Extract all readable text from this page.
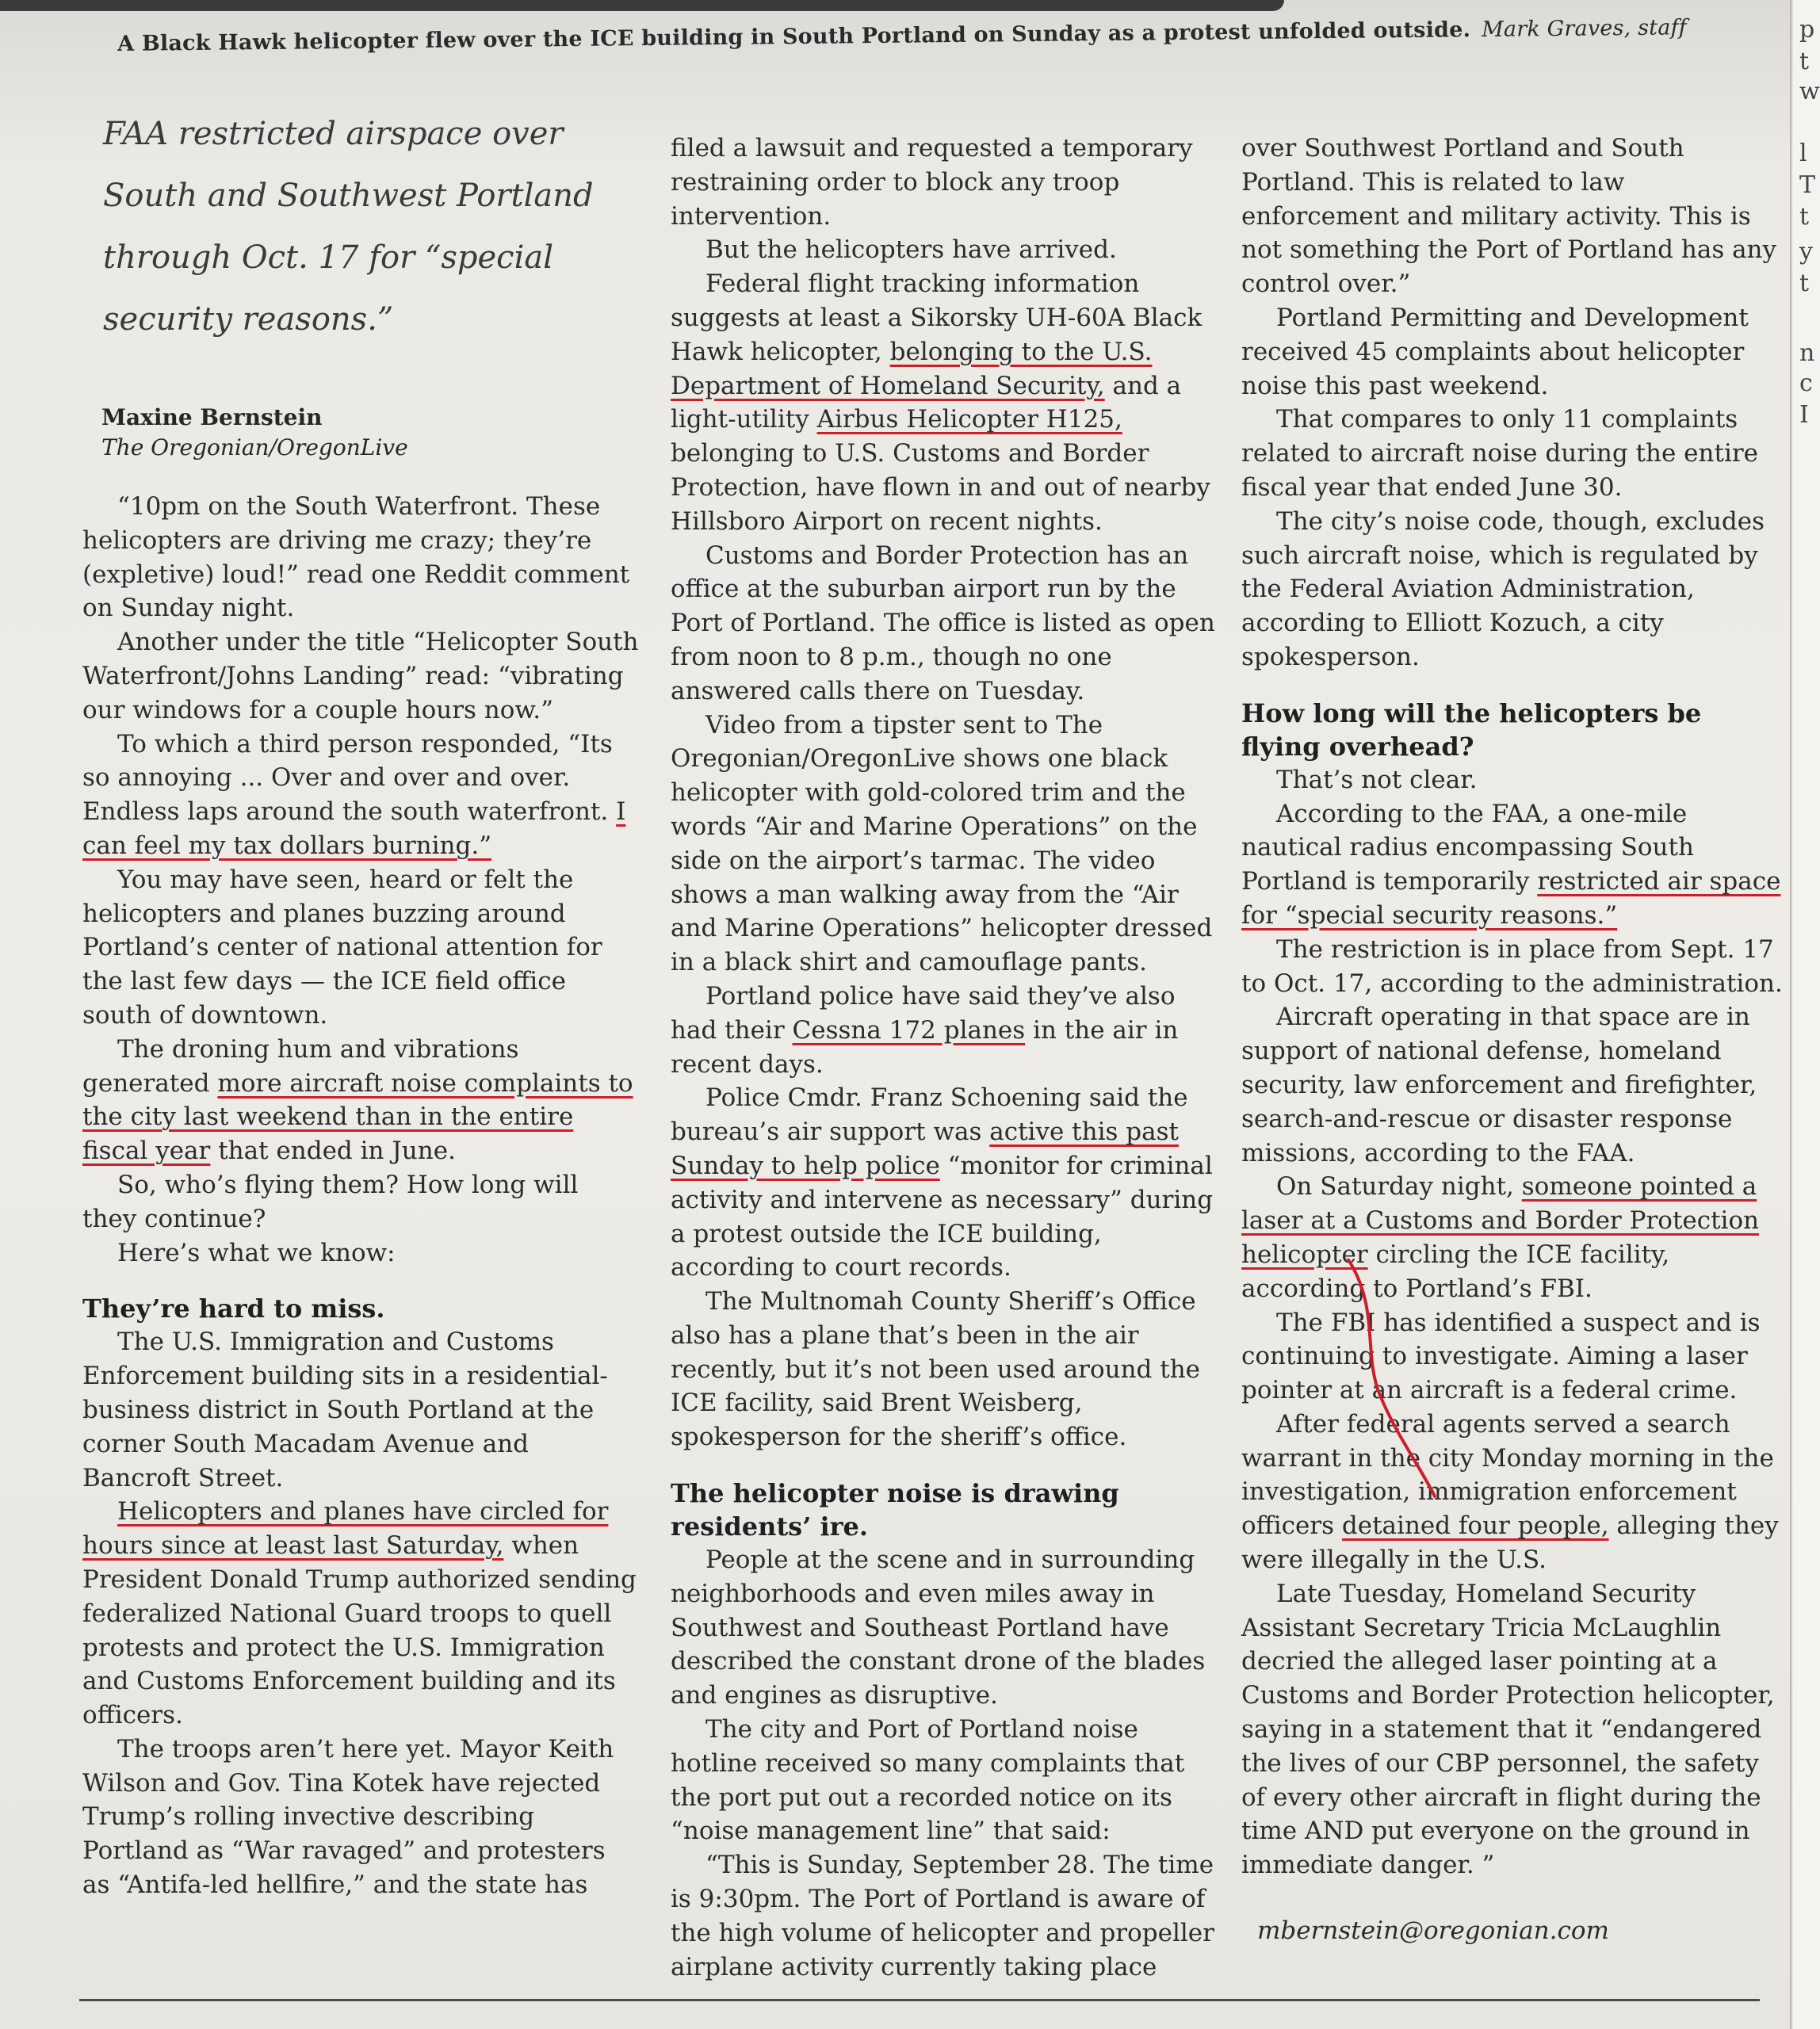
A Black Hawk helicopter flew over the ICE building in South Portland on Sunday as a protest unfolded outside. Mark Graves, staff
FAA restricted airspace over South and Southwest Portland through Oct. 17 for “special security reasons.”
Maxine Bernstein
The Oregonian/OregonLive

“10pm on the South Waterfront. These helicopters are driving me crazy; they’re (expletive) loud!” read one Reddit comment on Sunday night.

Another under the title “Helicopter South Waterfront/Johns Landing” read: “vibrating our windows for a couple hours now.”

To which a third person responded, “Its so annoying ... Over and over and over. Endless laps around the south waterfront. I can feel my tax dollars burning.”

You may have seen, heard or felt the helicopters and planes buzzing around Portland’s center of national attention for the last few days — the ICE field office south of downtown.

The droning hum and vibrations generated more aircraft noise complaints to the city last weekend than in the entire fiscal year that ended in June.

So, who’s flying them? How long will they continue?

Here’s what we know:

They’re hard to miss.

The U.S. Immigration and Customs Enforcement building sits in a residential-business district in South Portland at the corner South Macadam Avenue and Bancroft Street.

Helicopters and planes have circled for hours since at least last Saturday, when President Donald Trump authorized sending federalized National Guard troops to quell protests and protect the U.S. Immigration and Customs Enforcement building and its officers.

The troops aren’t here yet. Mayor Keith Wilson and Gov. Tina Kotek have rejected Trump’s rolling invective describing Portland as “War ravaged” and protesters as “Antifa-led hellfire,” and the state has

filed a lawsuit and requested a temporary restraining order to block any troop intervention.

But the helicopters have arrived.

Federal flight tracking information suggests at least a Sikorsky UH-60A Black Hawk helicopter, belonging to the U.S. Department of Homeland Security, and a light-utility Airbus Helicopter H125, belonging to U.S. Customs and Border Protection, have flown in and out of nearby Hillsboro Airport on recent nights.

Customs and Border Protection has an office at the suburban airport run by the Port of Portland. The office is listed as open from noon to 8 p.m., though no one answered calls there on Tuesday.

Video from a tipster sent to The Oregonian/OregonLive shows one black helicopter with gold-colored trim and the words “Air and Marine Operations” on the side on the airport’s tarmac. The video shows a man walking away from the “Air and Marine Operations” helicopter dressed in a black shirt and camouflage pants.

Portland police have said they’ve also had their Cessna 172 planes in the air in recent days.

Police Cmdr. Franz Schoening said the bureau’s air support was active this past Sunday to help police “monitor for criminal activity and intervene as necessary” during a protest outside the ICE building, according to court records.

The Multnomah County Sheriff’s Office also has a plane that’s been in the air recently, but it’s not been used around the ICE facility, said Brent Weisberg, spokesperson for the sheriff’s office.

The helicopter noise is drawing residents’ ire.

People at the scene and in surrounding neighborhoods and even miles away in Southwest and Southeast Portland have described the constant drone of the blades and engines as disruptive.

The city and Port of Portland noise hotline received so many complaints that the port put out a recorded notice on its “noise management line” that said:

“This is Sunday, September 28. The time is 9:30pm. The Port of Portland is aware of the high volume of helicopter and propeller airplane activity currently taking place

over Southwest Portland and South Portland. This is related to law enforcement and military activity. This is not something the Port of Portland has any control over.”

Portland Permitting and Development received 45 complaints about helicopter noise this past weekend.

That compares to only 11 complaints related to aircraft noise during the entire fiscal year that ended June 30.

The city’s noise code, though, excludes such aircraft noise, which is regulated by the Federal Aviation Administration, according to Elliott Kozuch, a city spokesperson.

How long will the helicopters be flying overhead?

That’s not clear.

According to the FAA, a one-mile nautical radius encompassing South Portland is temporarily restricted air space for “special security reasons.”

The restriction is in place from Sept. 17 to Oct. 17, according to the administration.

Aircraft operating in that space are in support of national defense, homeland security, law enforcement and firefighter, search-and-rescue or disaster response missions, according to the FAA.

On Saturday night, someone pointed a laser at a Customs and Border Protection helicopter circling the ICE facility, according to Portland’s FBI.

The FBI has identified a suspect and is continuing to investigate. Aiming a laser pointer at an aircraft is a federal crime.

After federal agents served a search warrant in the city Monday morning in the investigation, immigration enforcement officers detained four people, alleging they were illegally in the U.S.

Late Tuesday, Homeland Security Assistant Secretary Tricia McLaughlin decried the alleged laser pointing at a Customs and Border Protection helicopter, saying in a statement that it “endangered the lives of our CBP personnel, the safety of every other aircraft in flight during the time AND put everyone on the ground in immediate danger. ”

mbernstein@oregonian.com

p
t
w
l
T
t
y
t
n
c
I
